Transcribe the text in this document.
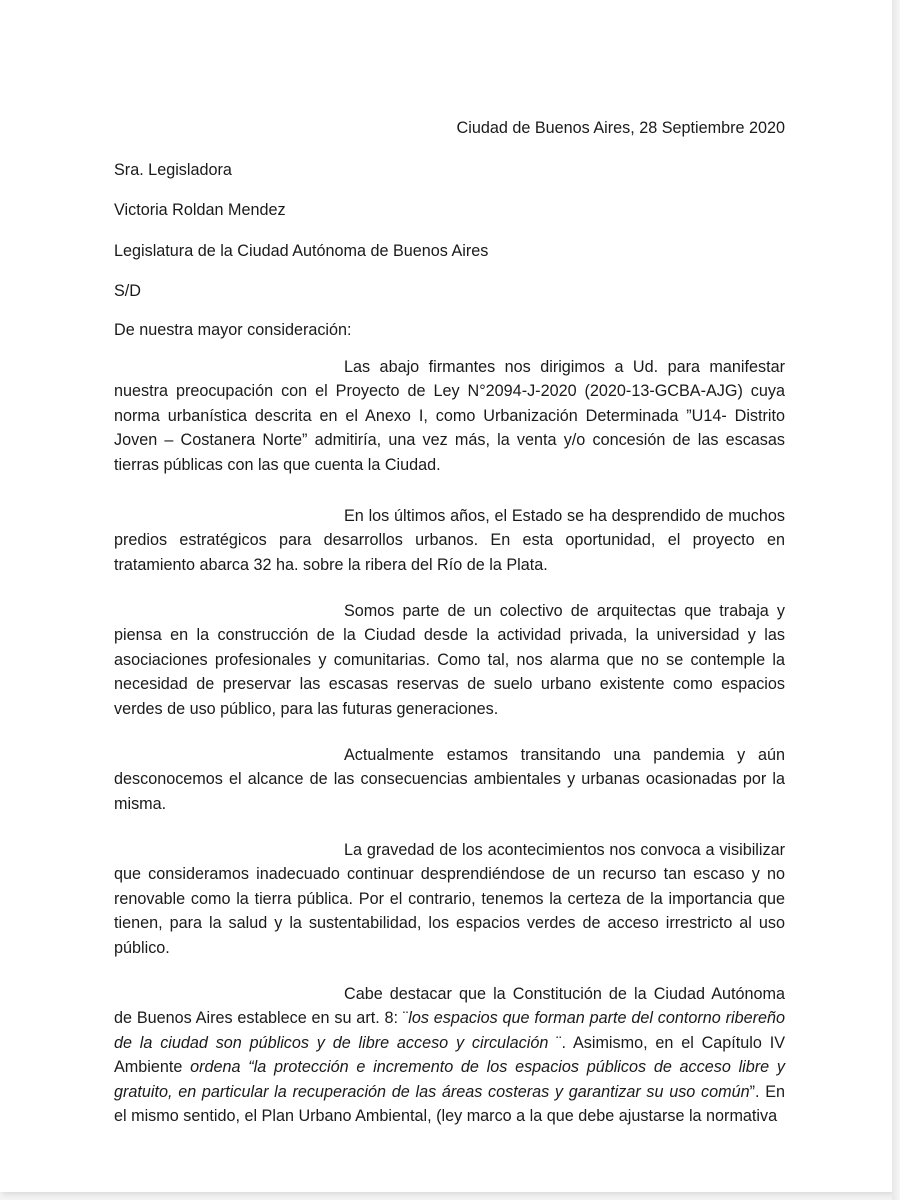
Ciudad de Buenos Aires, 28 Septiembre 2020
Sra. Legisladora
Victoria Roldan Mendez
Legislatura de la Ciudad Autónoma de Buenos Aires
S/D
De nuestra mayor consideración:
Las abajo firmantes nos dirigimos a Ud. para manifestar nuestra preocupación con el Proyecto de Ley N°2094-J-2020 (2020-13-GCBA-AJG) cuya norma urbanística descrita en el Anexo I, como Urbanización Determinada ”U14- Distrito Joven – Costanera Norte” admitiría, una vez más, la venta y/o concesión de las escasas tierras públicas con las que cuenta la Ciudad.
En los últimos años, el Estado se ha desprendido de muchos predios estratégicos para desarrollos urbanos. En esta oportunidad, el proyecto en tratamiento abarca 32 ha. sobre la ribera del Río de la Plata.
Somos parte de un colectivo de arquitectas que trabaja y piensa en la construcción de la Ciudad desde la actividad privada, la universidad y las asociaciones profesionales y comunitarias. Como tal, nos alarma que no se contemple la necesidad de preservar las escasas reservas de suelo urbano existente como espacios verdes de uso público, para las futuras generaciones.
Actualmente estamos transitando una pandemia y aún desconocemos el alcance de las consecuencias ambientales y urbanas ocasionadas por la misma.
La gravedad de los acontecimientos nos convoca a visibilizar que consideramos inadecuado continuar desprendiéndose de un recurso tan escaso y no renovable como la tierra pública. Por el contrario, tenemos la certeza de la importancia que tienen, para la salud y la sustentabilidad, los espacios verdes de acceso irrestricto al uso público.
Cabe destacar que la Constitución de la Ciudad Autónoma de Buenos Aires establece en su art. 8: ¨los espacios que forman parte del contorno ribereño de la ciudad son públicos y de libre acceso y circulación ¨. Asimismo, en el Capítulo IV Ambiente ordena “la protección e incremento de los espacios públicos de acceso libre y gratuito, en particular la recuperación de las áreas costeras y garantizar su uso común”. En el mismo sentido, el Plan Urbano Ambiental, (ley marco a la que debe ajustarse la normativa
